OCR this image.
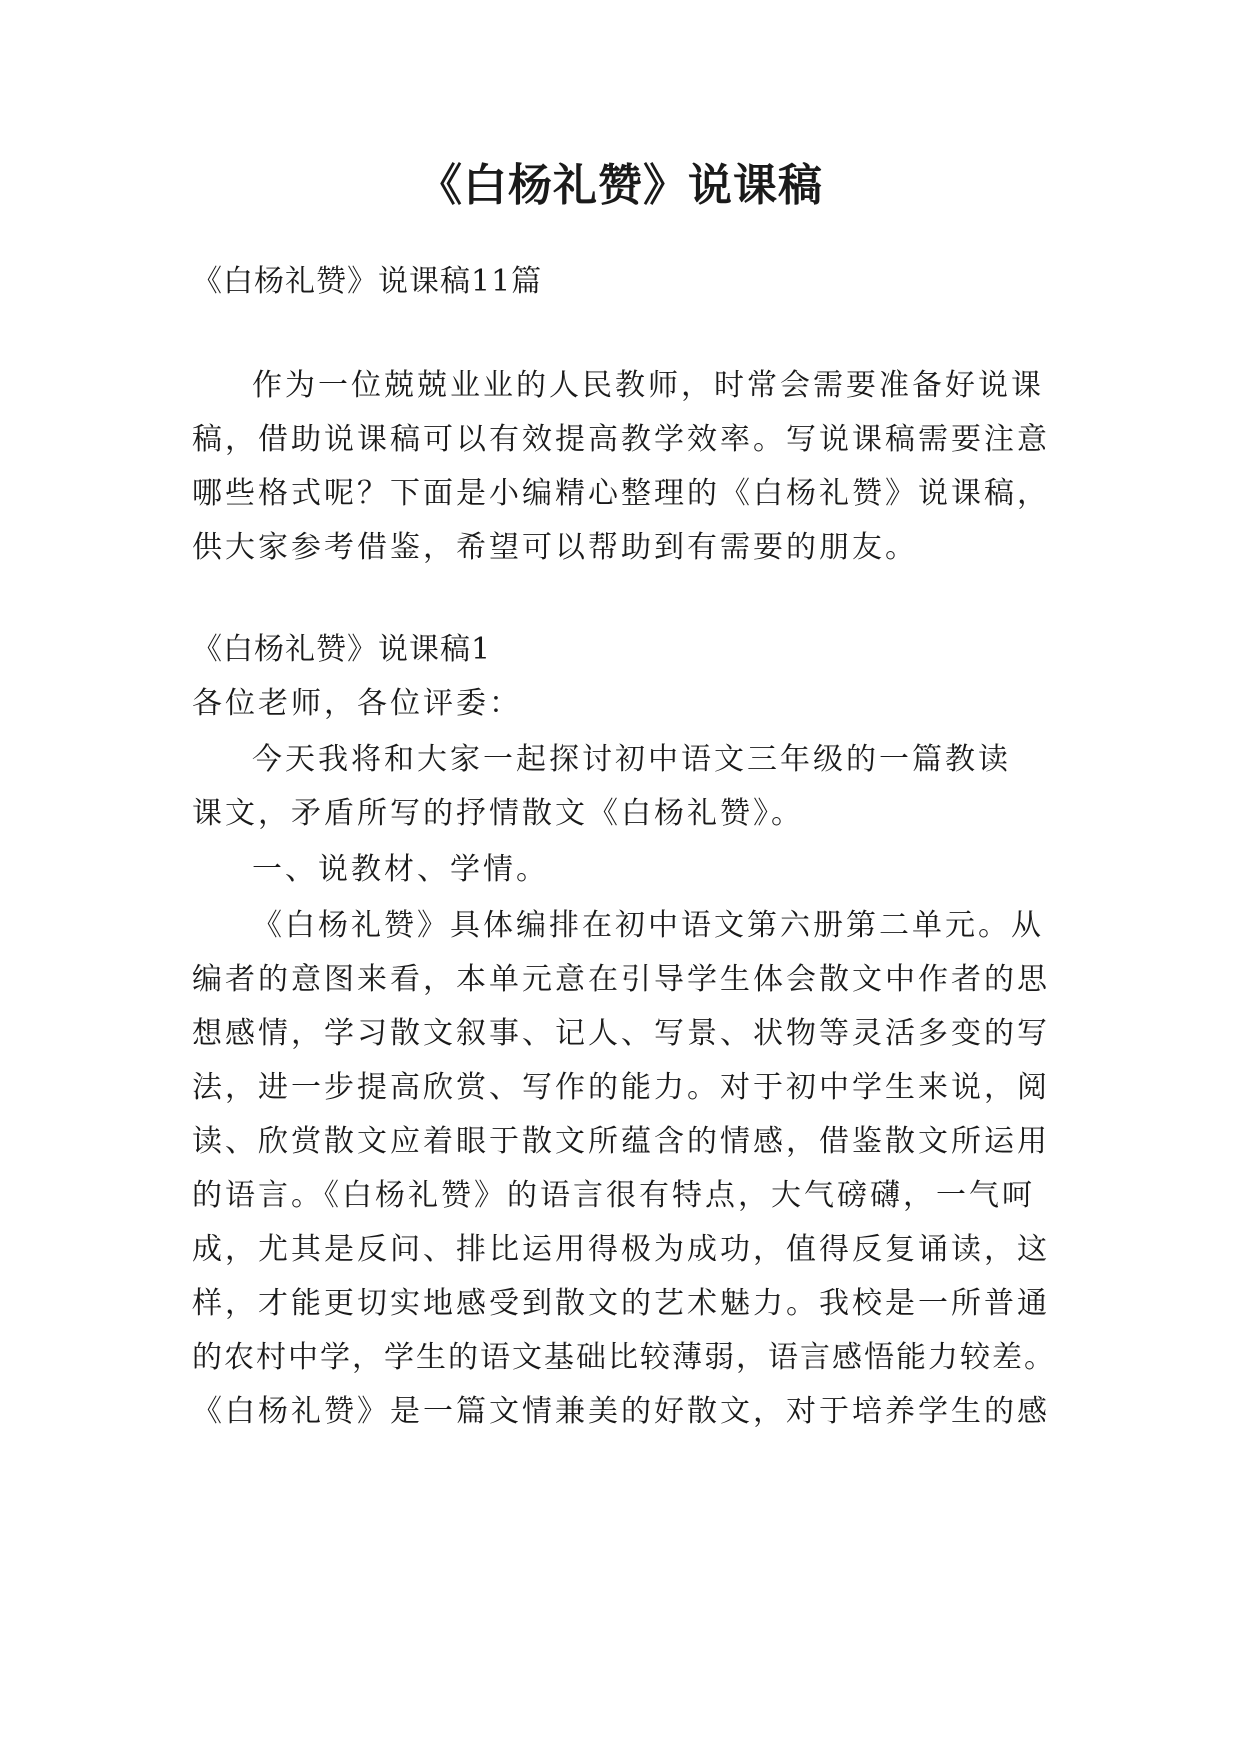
《白杨礼赞》说课稿
《白杨礼赞》说课稿11篇
作为一位兢兢业业的人民教师，时常会需要准备好说课
稿，借助说课稿可以有效提高教学效率。写说课稿需要注意
哪些格式呢？下面是小编精心整理的《白杨礼赞》说课稿，
供大家参考借鉴，希望可以帮助到有需要的朋友。
《白杨礼赞》说课稿1
各位老师，各位评委：
今天我将和大家一起探讨初中语文三年级的一篇教读
课文，矛盾所写的抒情散文《白杨礼赞》。
一、说教材、学情。
《白杨礼赞》具体编排在初中语文第六册第二单元。从
编者的意图来看，本单元意在引导学生体会散文中作者的思
想感情，学习散文叙事、记人、写景、状物等灵活多变的写
法，进一步提高欣赏、写作的能力。对于初中学生来说，阅
读、欣赏散文应着眼于散文所蕴含的情感，借鉴散文所运用
的语言。《白杨礼赞》的语言很有特点，大气磅礴，一气呵
成，尤其是反问、排比运用得极为成功，值得反复诵读，这
样，才能更切实地感受到散文的艺术魅力。我校是一所普通
的农村中学，学生的语文基础比较薄弱，语言感悟能力较差。
《白杨礼赞》是一篇文情兼美的好散文，对于培养学生的感
